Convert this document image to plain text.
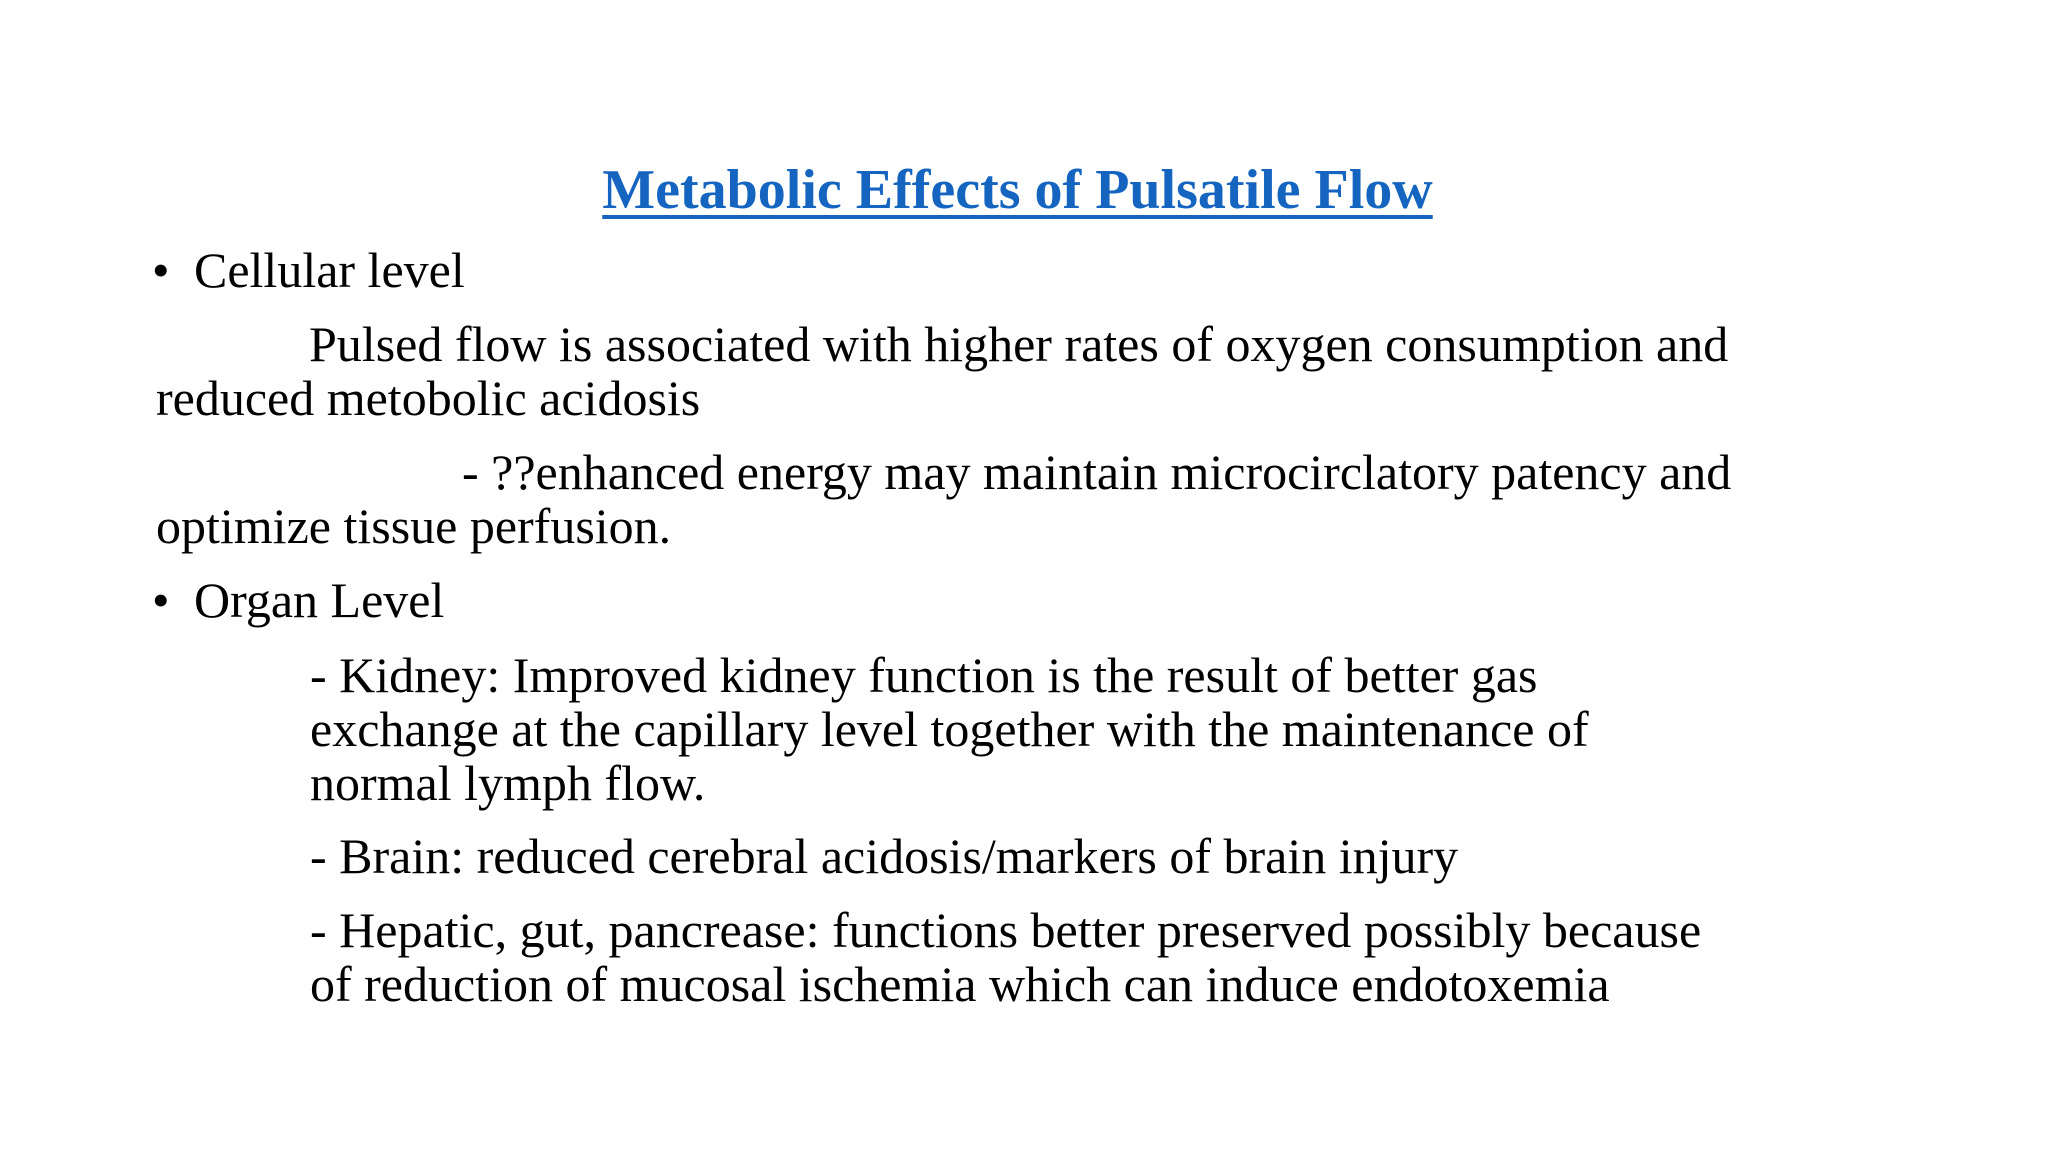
Metabolic Effects of Pulsatile Flow
• Cellular level
Pulsed flow is associated with higher rates of oxygen consumption and
reduced metobolic acidosis
- ??enhanced energy may maintain microcirclatory patency and
optimize tissue perfusion.
• Organ Level
- Kidney: Improved kidney function is the result of better gas
exchange at the capillary level together with the maintenance of
normal lymph flow.
- Brain: reduced cerebral acidosis/markers of brain injury
- Hepatic, gut, pancrease: functions better preserved possibly because
of reduction of mucosal ischemia which can induce endotoxemia
